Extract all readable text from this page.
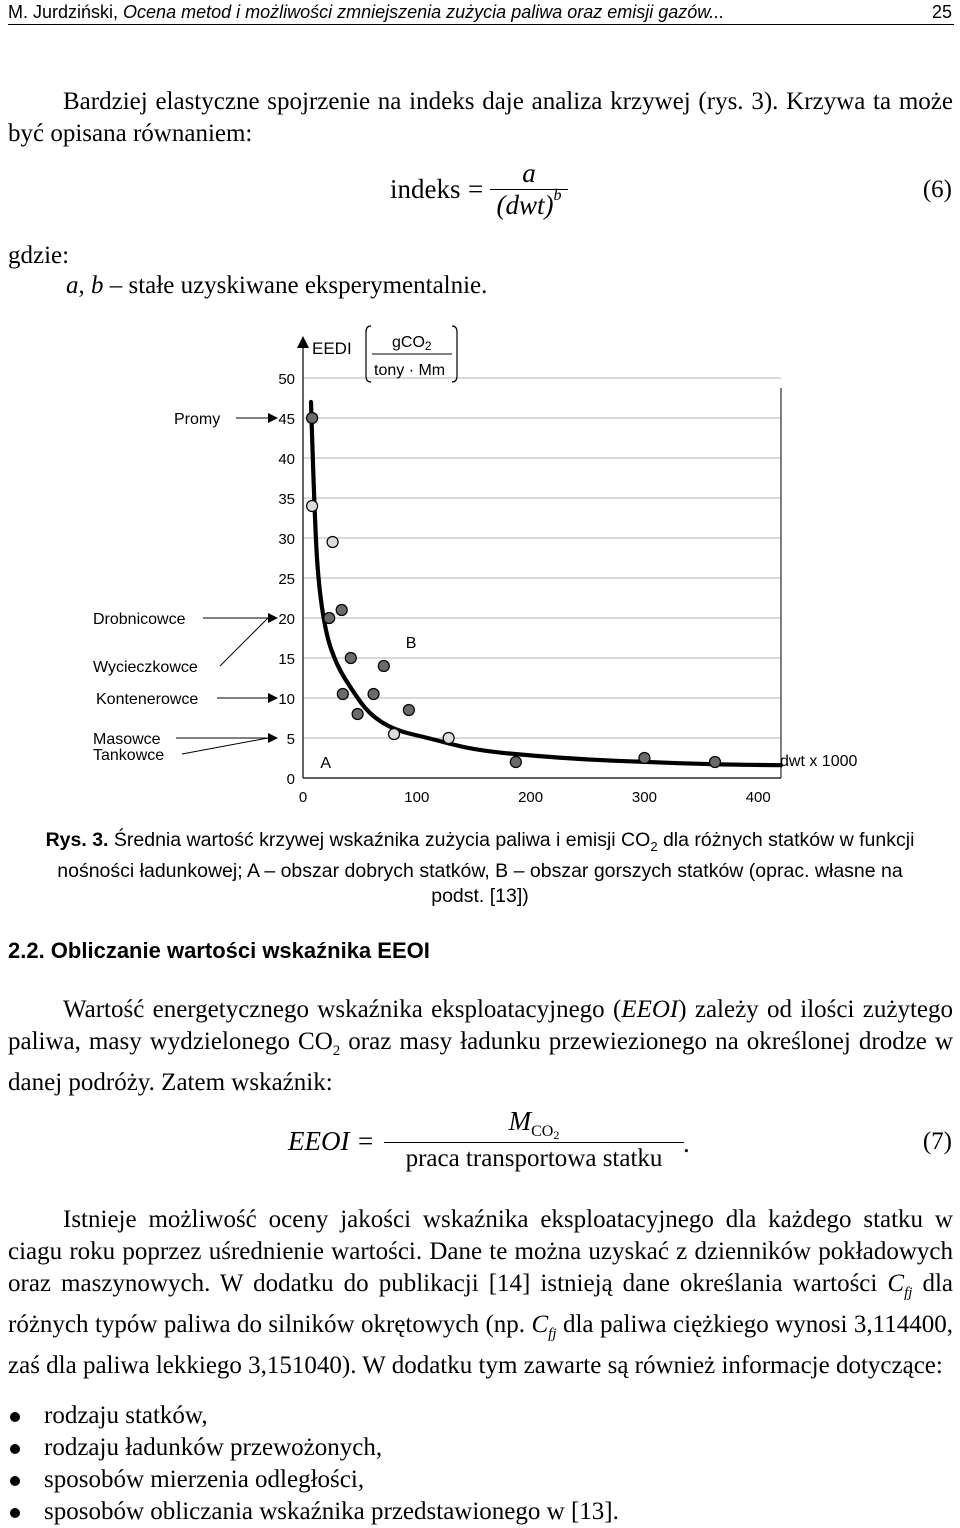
M. Jurdziński, Ocena metod i możliwości zmniejszenia zużycia paliwa oraz emisji gazów...	25
Bardziej elastyczne spojrzenie na indeks daje analiza krzywej (rys. 3). Krzywa ta może być opisana równaniem:
indeks =
a
(dwt)$^b$	(6)
gdzie:
a, b – stałe uzyskiwane eksperymentalnie.
50
45
40
35
30
25
20
15
10
5
0
0	100	200	300	400
Promy
Drobnicowce
Wycieczkowce
Kontenerowce
Masowce
Tankowce	A
B
EEDI	gCO2
tony · Mm
dwt x 1000
Rys. 3. Średnia wartość krzywej wskaźnika zużycia paliwa i emisji $CO_2$ dla różnych statków w funkcji nośności ładunkowej; A – obszar dobrych statków, B – obszar gorszych statków (oprac. własne na podst. [13])
2.2. Obliczanie wartości wskaźnika EEOI
Wartość energetycznego wskaźnika eksploatacyjnego (EEOI) zależy od ilości zużytego paliwa, masy wydzielonego $CO_2$ oraz masy ładunku przewiezionego na określonej drodze w danej podróży. Zatem wskaźnik:
EEOI =
$M_{CO2}$
praca transportowa statku
.	(7)
Istnieje możliwość oceny jakości wskaźnika eksploatacyjnego dla każdego statku w ciagu roku poprzez uśrednienie wartości. Dane te można uzyskać z dzienników pokładowych oraz maszynowych. W dodatku do publikacji [14] istnieją dane określania wartości $C_{fj}$ dla różnych typów paliwa do silników okrętowych (np. $C_{fj}$ dla paliwa ciężkiego wynosi 3,114400, zaś dla paliwa lekkiego 3,151040). W dodatku tym zawarte są również informacje dotyczące:
rodzaju statków,
rodzaju ładunków przewożonych,
sposobów mierzenia odległości,
sposobów obliczania wskaźnika przedstawionego w [13].
